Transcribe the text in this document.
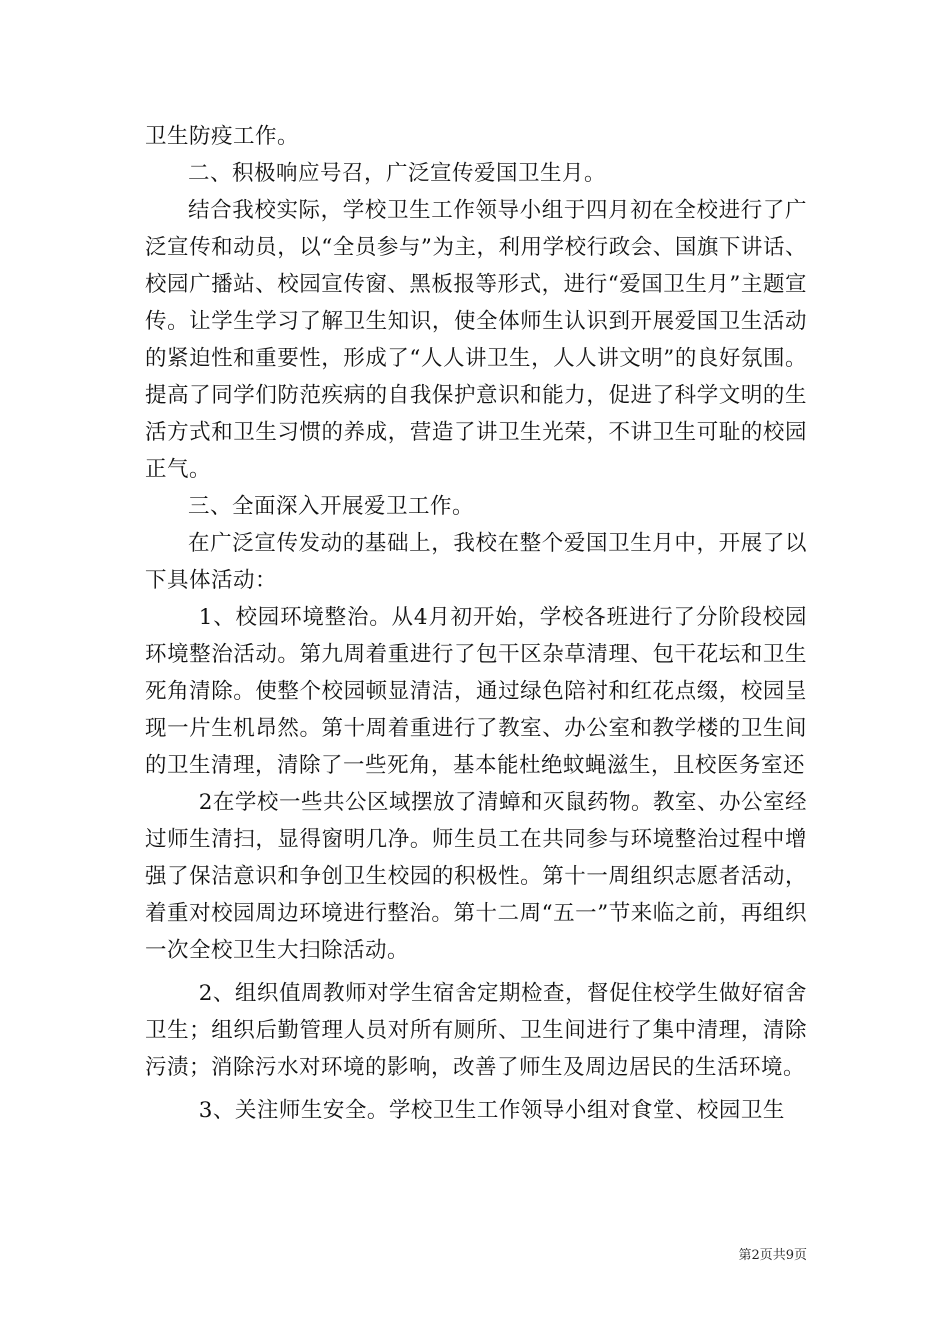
卫生防疫工作。

二、积极响应号召，广泛宣传爱国卫生月。

结合我校实际，学校卫生工作领导小组于四月初在全校进行了广泛宣传和动员，以“全员参与”为主，利用学校行政会、国旗下讲话、校园广播站、校园宣传窗、黑板报等形式，进行“爱国卫生月”主题宣传。让学生学习了解卫生知识，使全体师生认识到开展爱国卫生活动的紧迫性和重要性，形成了“人人讲卫生，人人讲文明”的良好氛围。提高了同学们防范疾病的自我保护意识和能力，促进了科学文明的生活方式和卫生习惯的养成，营造了讲卫生光荣，不讲卫生可耻的校园正气。

三、全面深入开展爱卫工作。

在广泛宣传发动的基础上，我校在整个爱国卫生月中，开展了以下具体活动：

1、校园环境整治。从4月初开始，学校各班进行了分阶段校园环境整治活动。第九周着重进行了包干区杂草清理、包干花坛和卫生死角清除。使整个校园顿显清洁，通过绿色陪衬和红花点缀，校园呈现一片生机昂然。第十周着重进行了教室、办公室和教学楼的卫生间的卫生清理，清除了一些死角，基本能杜绝蚊蝇滋生，且校医务室还

2在学校一些共公区域摆放了清蟑和灭鼠药物。教室、办公室经过师生清扫，显得窗明几净。师生员工在共同参与环境整治过程中增强了保洁意识和争创卫生校园的积极性。第十一周组织志愿者活动，着重对校园周边环境进行整治。第十二周“五一”节来临之前，再组织一次全校卫生大扫除活动。

2、组织值周教师对学生宿舍定期检查，督促住校学生做好宿舍卫生；组织后勤管理人员对所有厕所、卫生间进行了集中清理，清除污渍；消除污水对环境的影响，改善了师生及周边居民的生活环境。

3、关注师生安全。学校卫生工作领导小组对食堂、校园卫生

第2页共9页
